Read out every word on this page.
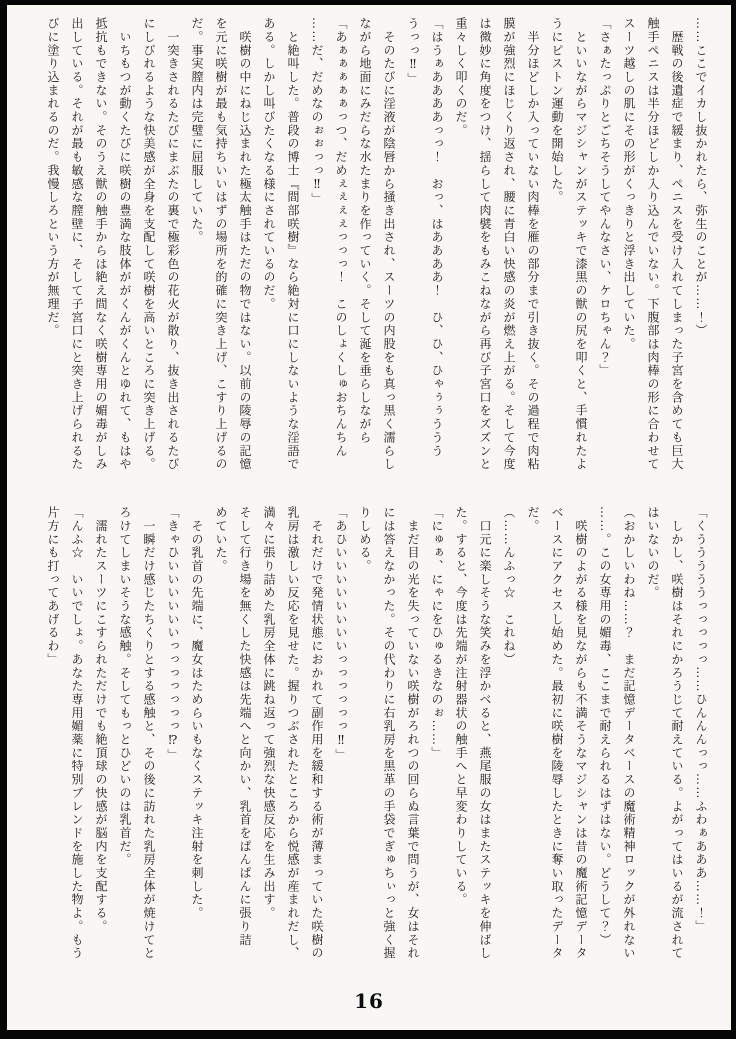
……ここでイカし抜かれたら、弥生のことが……！）

　歴戦の後遺症で緩まり、ペニスを受け入れてしまった子宮を含めても巨大

触手ペニスは半分ほどしか入り込んでいない。下腹部は肉棒の形に合わせて

スーツ越しの肌にその形がくっきりと浮き出していた。

「さぁたっぷりとごちそうしてやんなさい、ケロちゃん？」

　といいながらマジシャンがステッキで漆黒の獣の尻を叩くと、手慣れたよ

うにピストン運動を開始した。

　半分ほどしか入っていない肉棒を雁の部分まで引き抜く。その過程で肉粘

膜が強烈にほじくり返され、腰に青白い快感の炎が燃え上がる。そして今度

は微妙に角度をつけ、揺らして肉襞をもみこねながら再び子宮口をズズンと

重々しく叩くのだ。

「はうぁああああっっ！　おっ、はああああ！　ひ、ひ、ひゃぅぅううう

うっっ‼」

　そのたびに淫液が陰唇から掻き出され、スーツの内股をも真っ黒く濡らし

ながら地面にみだらな水たまりを作っていく。そして涎を垂らしながら

「あぁぁぁぁぁっつ、だめぇぇぇぇっっっ！　このしょくしゅおちんちん

……だ、だめなのぉぉっっ‼」

　と絶叫した。普段の博士『間部咲樹』なら絶対に口にしないような淫語で

ある。しかし叫びたくなる様にされているのだ。

　咲樹の中にねじ込まれた極太触手はただの物ではない。以前の陵辱の記憶

を元に咲樹が最も気持ちいいはずの場所を的確に突き上げ、こすり上げるの

だ。事実膣内は完璧に屈服していた。

　一突きされるたびにまぶたの裏で極彩色の花火が散り、抜き出されるたび

にしびれるような快美感が全身を支配して咲樹を高いところに突き上げる。

　いちもつが動くたびに咲樹の豊満な肢体ががくんがくんとゆれて、もはや

抵抗もできない。そのうえ獣の触手からは絶え間なく咲樹専用の媚毒がしみ

出している。それが最も敏感な膣壁に、そして子宮口にと突き上げられるた

びに塗り込まれるのだ。我慢しろという方が無理だ。

「くうううううっっっっっ……ひんんんっっ……ふわぁあああ……！」

　しかし、咲樹はそれにかろうじて耐えている。よがってはいるが流されて

はいないのだ。

（おかしいわね……？　まだ記憶データベースの魔術精神ロックが外れない

……。この女専用の媚毒、ここまで耐えられるはずはない。どうして？）

　咲樹のよがる様を見ながらも不満そうなマジシャンは昔の魔術記憶データ

ベースにアクセスし始めた。最初に咲樹を陵辱したときに奪い取ったデータ

だ。

（……んふっ☆　これね）

　口元に楽しそうな笑みを浮かべると、燕尾服の女はまたステッキを伸ばし

た。すると、今度は先端が注射器状の触手へと早変わりしている。

「にゅぁ、にゃにをひゅるきなのぉ……」

　まだ目の光を失っていない咲樹がろれつの回らぬ言葉で問うが、女はそれ

には答えなかった。その代わりに右乳房を黒革の手袋でぎゅちぃっと強く握

りしめる。

「あひいいいいいいいいっっっっっっ‼」

　それだけで発情状態におかれて副作用を緩和する術が薄まっていた咲樹の

乳房は激しい反応を見せた。握りつぶされたところから悦感が産まれだし、

満々に張り詰めた乳房全体に跳ね返って強烈な快感反応を生み出す。

そして行き場を無くした快感は先端へと向かい、乳首をぱんぱんに張り詰

めていた。

　その乳首の先端に、魔女はためらいもなくステッキ注射を刺した。

「きゃひいいいいいいっっっっっっっ⁉」

　一瞬だけ感じたちくりとする感触と、その後に訪れた乳房全体が焼けてと

ろけてしまいそうな感触。そしてもっとひどいのは乳首だ。

　濡れたスーツにこすられただけでも絶頂球の快感が脳内を支配する。

「んふ☆　いいでしょ。あなた専用媚薬に特別ブレンドを施した物よ。もう

片方にも打ってあげるわ」

16
